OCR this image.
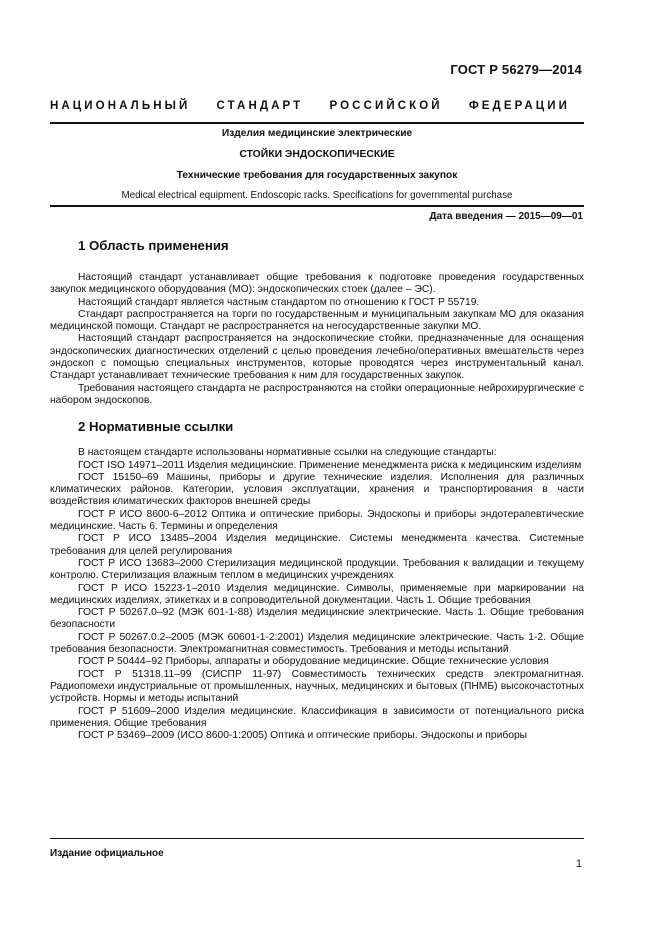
ГОСТ Р 56279—2014
НАЦИОНАЛЬНЫЙ СТАНДАРТ РОССИЙСКОЙ ФЕДЕРАЦИИ
Изделия медицинские электрические
СТОЙКИ ЭНДОСКОПИЧЕСКИЕ
Технические требования для государственных закупок
Medical electrical equipment. Endoscopic racks. Specifications for governmental purchase
Дата введения — 2015—09—01
1 Область применения

Настоящий стандарт устанавливает общие требования к подготовке проведения государственных закупок медицинского оборудования (МО): эндоскопических стоек (далее – ЭС).

Настоящий стандарт является частным стандартом по отношению к ГОСТ Р 55719.

Стандарт распространяется на торги по государственным и муниципальным закупкам МО для оказания медицинской помощи. Стандарт не распространяется на негосударственные закупки МО.

Настоящий стандарт распространяется на эндоскопические стойки, предназначенные для оснащения эндоскопических диагностических отделений с целью проведения лечебно/оперативных вмешательств через эндоскоп с помощью специальных инструментов, которые проводятся через инструментальный канал. Стандарт устанавливает технические требования к ним для государственных закупок.

Требования настоящего стандарта не распространяются на стойки операционные нейрохирургические с набором эндоскопов.

2 Нормативные ссылки

В настоящем стандарте использованы нормативные ссылки на следующие стандарты:

ГОСТ ISO 14971–2011 Изделия медицинские. Применение менеджмента риска к медицинским изделиям

ГОСТ 15150–69 Машины, приборы и другие технические изделия. Исполнения для различных климатических районов. Категории, условия эксплуатации, хранения и транспортирования в части воздействия климатических факторов внешней среды

ГОСТ Р ИСО 8600-6–2012 Оптика и оптические приборы. Эндоскопы и приборы эндотерапевтические медицинские. Часть 6. Термины и определения

ГОСТ Р ИСО 13485–2004 Изделия медицинские. Системы менеджмента качества. Системные требования для целей регулирования

ГОСТ Р ИСО 13683–2000 Стерилизация медицинской продукции. Требования к валидации и текущему контролю. Стерилизация влажным теплом в медицинских учреждениях

ГОСТ Р ИСО 15223-1–2010 Изделия медицинские. Символы, применяемые при маркировании на медицинских изделиях, этикетках и в сопроводительной документации. Часть 1. Общие требования

ГОСТ Р 50267.0–92 (МЭК 601-1-88) Изделия медицинские электрические. Часть 1. Общие требования безопасности

ГОСТ Р 50267.0.2–2005 (МЭК 60601-1-2:2001) Изделия медицинские электрические. Часть 1-2. Общие требования безопасности. Электромагнитная совместимость. Требования и методы испытаний

ГОСТ Р 50444–92 Приборы, аппараты и оборудование медицинские. Общие технические условия

ГОСТ Р 51318.11–99 (СИСПР 11-97) Совместимость технических средств электромагнитная. Радиопомехи индустриальные от промышленных, научных, медицинских и бытовых (ПНМБ) высокочастотных устройств. Нормы и методы испытаний

ГОСТ Р 51609–2000 Изделия медицинские. Классификация в зависимости от потенциального риска применения. Общие требования

ГОСТ Р 53469–2009 (ИСО 8600-1:2005) Оптика и оптические приборы. Эндоскопы и приборы

Издание официальное
1
